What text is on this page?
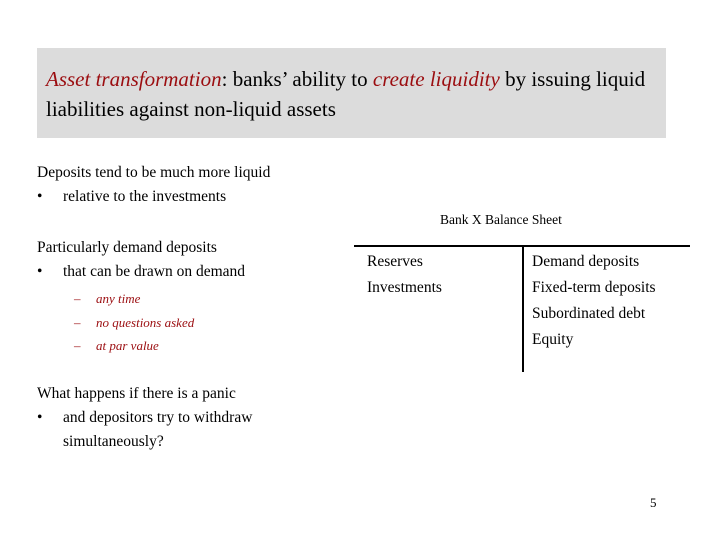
Asset transformation: banks’ ability to create liquidity by issuing liquid liabilities against non-liquid assets
Deposits tend to be much more liquid
• relative to the investments
Particularly demand deposits
• that can be drawn on demand
– any time
– no questions asked
– at par value
What happens if there is a panic
• and depositors try to withdraw simultaneously?
Bank X Balance Sheet
Reserves
Investments
Demand deposits
Fixed-term deposits
Subordinated debt
Equity
5
